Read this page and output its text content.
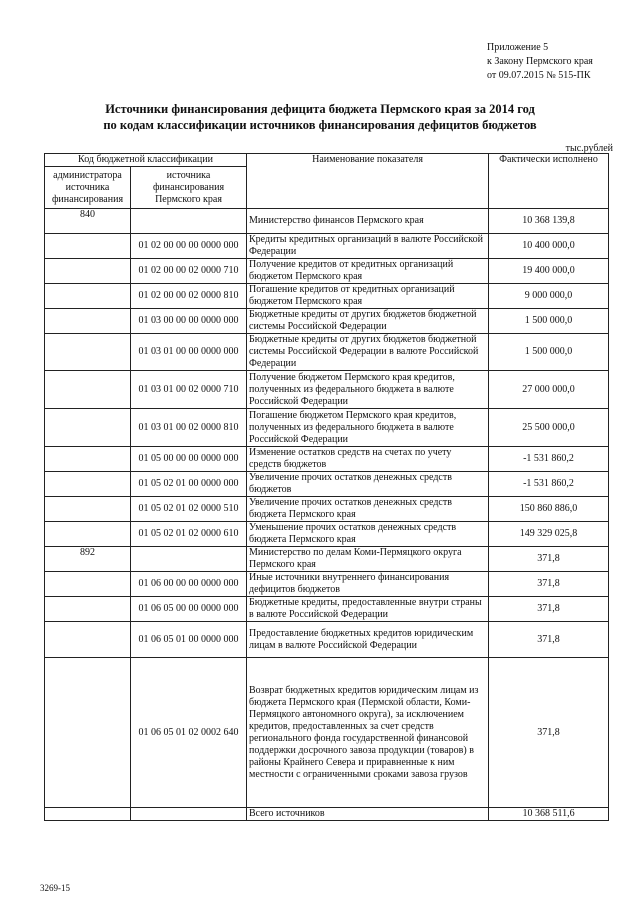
Приложение 5
к Закону Пермского края
от 09.07.2015 № 515-ПК
Источники финансирования дефицита бюджета Пермского края за 2014 год
по кодам классификации источников финансирования дефицитов бюджетов
тыс.рублей
Код бюджетной классификации		Наименование показателя	Фактически исполнено
администратора источника финансирования	источника финансирования Пермского края		
840		Министерство финансов Пермского края	10 368 139,8
	01 02 00 00 00 0000 000	Кредиты кредитных организаций в валюте Российской Федерации	10 400 000,0
	01 02 00 00 02 0000 710	Получение кредитов от кредитных организаций бюджетом Пермского края	19 400 000,0
	01 02 00 00 02 0000 810	Погашение кредитов от кредитных организаций бюджетом Пермского края	9 000 000,0
	01 03 00 00 00 0000 000	Бюджетные кредиты от других бюджетов бюджетной системы Российской Федерации	1 500 000,0
	01 03 01 00 00 0000 000	Бюджетные кредиты от других бюджетов бюджетной системы Российской Федерации в валюте Российской Федерации	1 500 000,0
	01 03 01 00 02 0000 710	Получение бюджетом Пермского края кредитов, полученных из федерального бюджета в валюте Российской Федерации	27 000 000,0
	01 03 01 00 02 0000 810	Погашение бюджетом Пермского края кредитов, полученных из федерального бюджета в валюте Российской Федерации	25 500 000,0
	01 05 00 00 00 0000 000	Изменение остатков средств на счетах по учету средств бюджетов	-1 531 860,2
	01 05 02 01 00 0000 000	Увеличение прочих остатков денежных средств бюджетов	-1 531 860,2
	01 05 02 01 02 0000 510	Увеличение прочих остатков денежных средств бюджета Пермского края	150 860 886,0
	01 05 02 01 02 0000 610	Уменьшение прочих остатков денежных средств бюджета Пермского края	149 329 025,8
892		Министерство по делам Коми-Пермяцкого округа Пермского края	371,8
	01 06 00 00 00 0000 000	Иные источники внутреннего финансирования дефицитов бюджетов	371,8
	01 06 05 00 00 0000 000	Бюджетные кредиты, предоставленные внутри страны в валюте Российской Федерации	371,8
	01 06 05 01 00 0000 000	Предоставление бюджетных кредитов юридическим лицам в валюте Российской Федерации	371,8
	01 06 05 01 02 0002 640	Возврат бюджетных кредитов юридическим лицам из бюджета Пермского края (Пермской области, Коми-Пермяцкого автономного округа), за исключением кредитов, предоставленных за счет средств регионального фонда государственной финансовой поддержки досрочного завоза продукции (товаров) в районы Крайнего Севера и приравненные к ним местности с ограниченными сроками завоза грузов	371,8
		Всего источников	10 368 511,6
3269-15
